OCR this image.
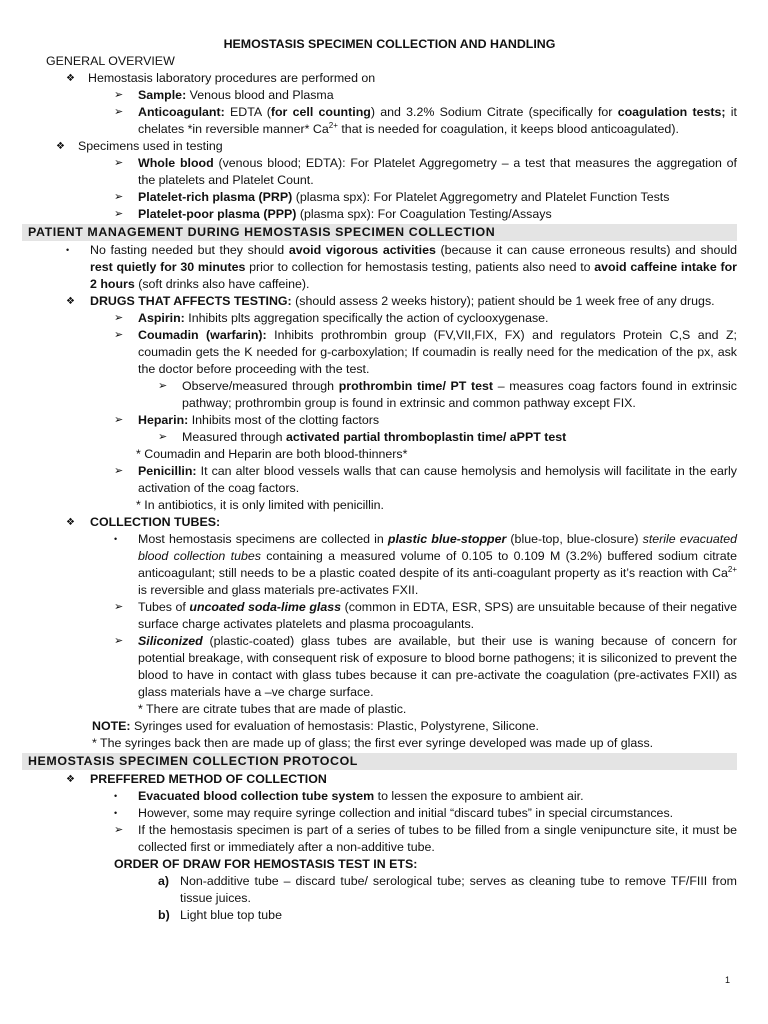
HEMOSTASIS SPECIMEN COLLECTION AND HANDLING
GENERAL OVERVIEW
❖	Hemostasis laboratory procedures are performed on
➢	Sample: Venous blood and Plasma
➢	Anticoagulant: EDTA (for cell counting) and 3.2% Sodium Citrate (specifically for coagulation tests; it chelates *in reversible manner* $Ca^{2+}$ that is needed for coagulation, it keeps blood anticoagulated).
❖	Specimens used in testing
➢	Whole blood (venous blood; EDTA): For Platelet Aggregometry – a test that measures the aggregation of the platelets and Platelet Count.
➢	Platelet-rich plasma (PRP) (plasma spx): For Platelet Aggregometry and Platelet Function Tests
➢	Platelet-poor plasma (PPP) (plasma spx): For Coagulation Testing/Assays
PATIENT MANAGEMENT DURING HEMOSTASIS SPECIMEN COLLECTION
•	No fasting needed but they should avoid vigorous activities (because it can cause erroneous results) and should rest quietly for 30 minutes prior to collection for hemostasis testing, patients also need to avoid caffeine intake for 2 hours (soft drinks also have caffeine).
❖	DRUGS THAT AFFECTS TESTING: (should assess 2 weeks history); patient should be 1 week free of any drugs.
➢	Aspirin: Inhibits plts aggregation specifically the action of cyclooxygenase.
➢	Coumadin (warfarin): Inhibits prothrombin group (FV,VII,FIX, FX) and regulators Protein C,S and Z; coumadin gets the K needed for g-carboxylation; If coumadin is really need for the medication of the px, ask the doctor before proceeding with the test.
➢	Observe/measured through prothrombin time/ PT test – measures coag factors found in extrinsic pathway; prothrombin group is found in extrinsic and common pathway except FIX.
➢	Heparin: Inhibits most of the clotting factors
➢	Measured through activated partial thromboplastin time/ aPPT test
* Coumadin and Heparin are both blood-thinners*
➢	Penicillin: It can alter blood vessels walls that can cause hemolysis and hemolysis will facilitate in the early activation of the coag factors.
* In antibiotics, it is only limited with penicillin.
❖	COLLECTION TUBES:
•	Most hemostasis specimens are collected in plastic blue-stopper (blue-top, blue-closure) sterile evacuated blood collection tubes containing a measured volume of 0.105 to 0.109 M (3.2%) buffered sodium citrate anticoagulant; still needs to be a plastic coated despite of its anti-coagulant property as it’s reaction with $Ca^{2+}$ is reversible and glass materials pre-activates FXII.
➢	Tubes of uncoated soda-lime glass (common in EDTA, ESR, SPS) are unsuitable because of their negative surface charge activates platelets and plasma procoagulants.
➢	Siliconized (plastic-coated) glass tubes are available, but their use is waning because of concern for potential breakage, with consequent risk of exposure to blood borne pathogens; it is siliconized to prevent the blood to have in contact with glass tubes because it can pre-activate the coagulation (pre-activates FXII) as glass materials have a –ve charge surface.
* There are citrate tubes that are made of plastic.
NOTE: Syringes used for evaluation of hemostasis: Plastic, Polystyrene, Silicone.
* The syringes back then are made up of glass; the first ever syringe developed was made up of glass.
HEMOSTASIS SPECIMEN COLLECTION PROTOCOL
❖	PREFFERED METHOD OF COLLECTION
•	Evacuated blood collection tube system to lessen the exposure to ambient air.
•	However, some may require syringe collection and initial “discard tubes” in special circumstances.
➢	If the hemostasis specimen is part of a series of tubes to be filled from a single venipuncture site, it must be collected first or immediately after a non-additive tube.
ORDER OF DRAW FOR HEMOSTASIS TEST IN ETS:
a) Non-additive tube – discard tube/ serological tube; serves as cleaning tube to remove TF/FIII from tissue juices.
b) Light blue top tube
1
